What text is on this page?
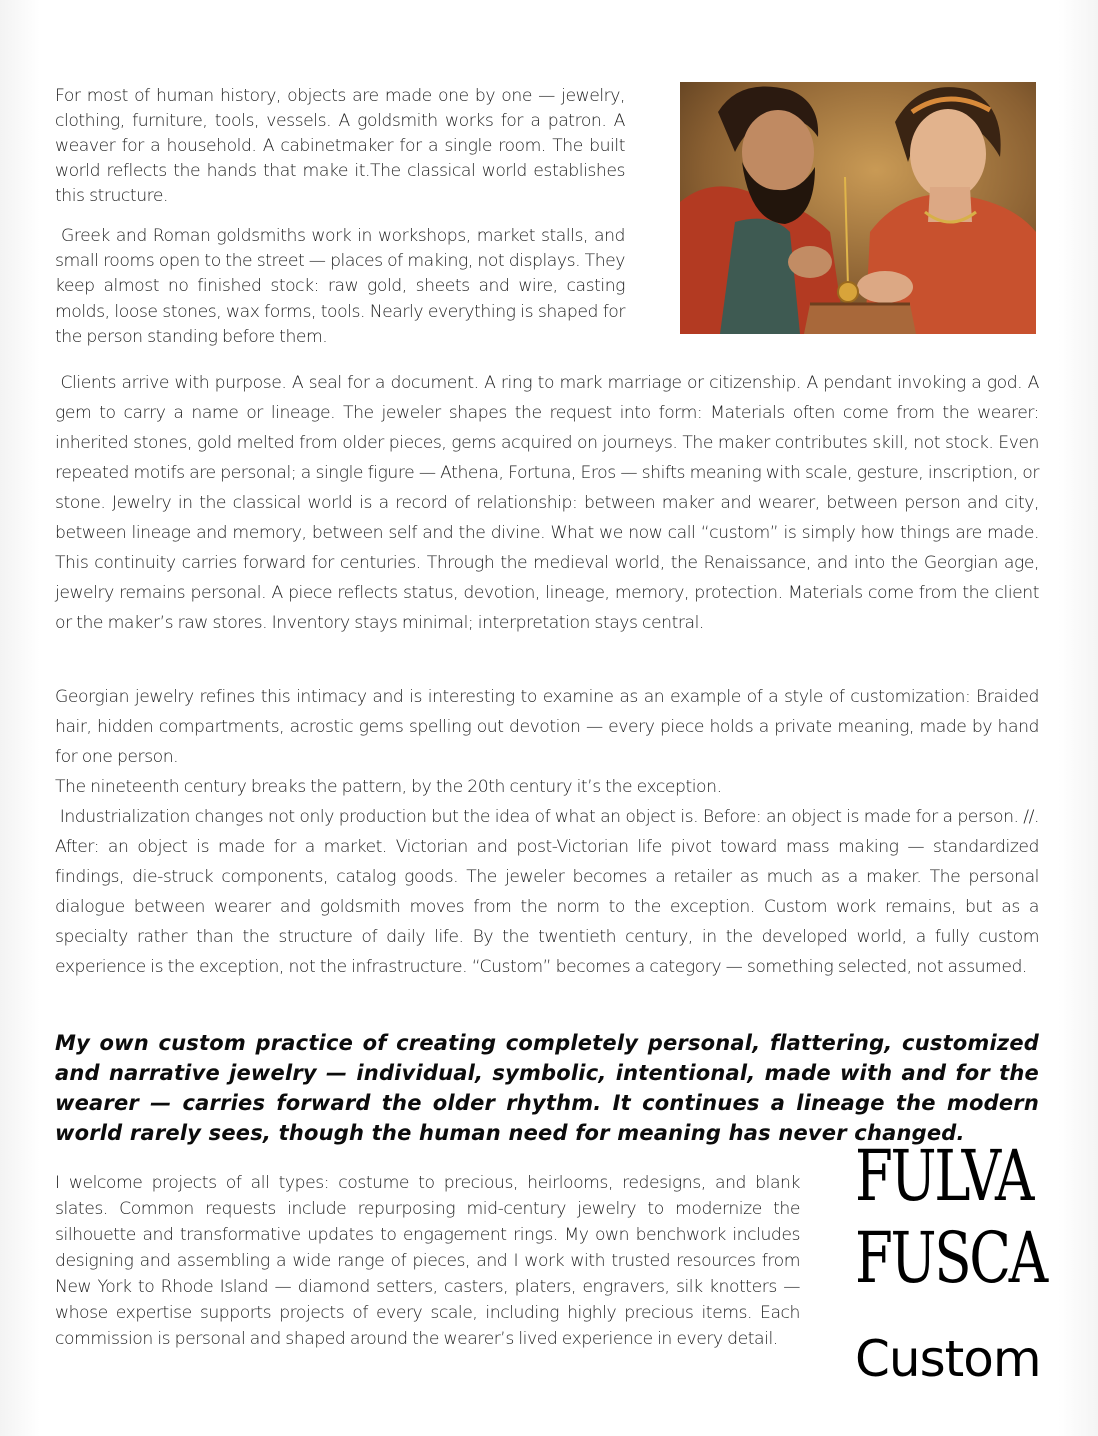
For most of human history, objects are made one by one — jewelry, clothing, furniture, tools, vessels. A goldsmith works for a patron. A weaver for a household. A cabinetmaker for a single room. The built world reflects the hands that make it.The classical world establishes this structure.

Greek and Roman goldsmiths work in workshops, market stalls, and small rooms open to the street — places of making, not displays. They keep almost no finished stock: raw gold, sheets and wire, casting molds, loose stones, wax forms, tools. Nearly everything is shaped for the person standing before them.

Clients arrive with purpose. A seal for a document. A ring to mark marriage or citizenship. A pendant invoking a god. A gem to carry a name or lineage. The jeweler shapes the request into form: Materials often come from the wearer: inherited stones, gold melted from older pieces, gems acquired on journeys. The maker contributes skill, not stock. Even repeated motifs are personal; a single figure — Athena, Fortuna, Eros — shifts meaning with scale, gesture, inscription, or stone. Jewelry in the classical world is a record of relationship: between maker and wearer, between person and city, between lineage and memory, between self and the divine. What we now call “custom” is simply how things are made. This continuity carries forward for centuries. Through the medieval world, the Renaissance, and into the Georgian age, jewelry remains personal. A piece reflects status, devotion, lineage, memory, protection. Materials come from the client or the maker’s raw stores. Inventory stays minimal; interpretation stays central.

Georgian jewelry refines this intimacy and is interesting to examine as an example of a style of customization: Braided hair, hidden compartments, acrostic gems spelling out devotion — every piece holds a private meaning, made by hand for one person.

The nineteenth century breaks the pattern, by the 20th century it’s the exception.

Industrialization changes not only production but the idea of what an object is. Before: an object is made for a person. //. After: an object is made for a market. Victorian and post-Victorian life pivot toward mass making — standardized findings, die-struck components, catalog goods. The jeweler becomes a retailer as much as a maker. The personal dialogue between wearer and goldsmith moves from the norm to the exception. Custom work remains, but as a specialty rather than the structure of daily life. By the twentieth century, in the developed world, a fully custom experience is the exception, not the infrastructure. “Custom” becomes a category — something selected, not assumed.

My own custom practice of creating completely personal, flattering, customized and narrative jewelry — individual, symbolic, intentional, made with and for the wearer — carries forward the older rhythm. It continues a lineage the modern world rarely sees, though the human need for meaning has never changed.

I welcome projects of all types: costume to precious, heirlooms, redesigns, and blank slates. Common requests include repurposing mid-century jewelry to modernize the silhouette and transformative updates to engagement rings. My own benchwork includes designing and assembling a wide range of pieces, and I work with trusted resources from New York to Rhode Island — diamond setters, casters, platers, engravers, silk knotters — whose expertise supports projects of every scale, including highly precious items. Each commission is personal and shaped around the wearer’s lived experience in every detail.

FULVA

FUSCA

Custom
